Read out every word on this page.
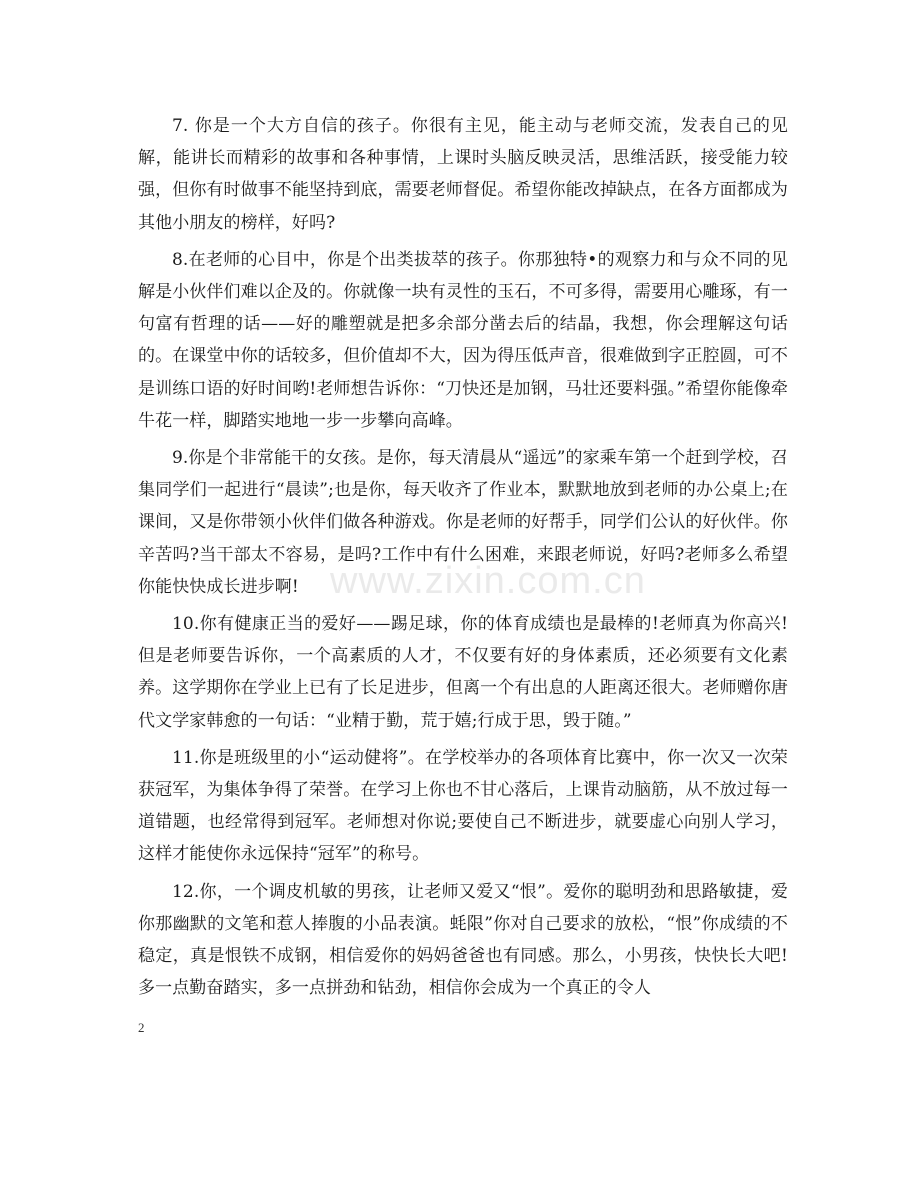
7. 你是一个大方自信的孩子。你很有主见，能主动与老师交流，发表自己的见解，能讲长而精彩的故事和各种事情，上课时头脑反映灵活，思维活跃，接受能力较强，但你有时做事不能坚持到底，需要老师督促。希望你能改掉缺点，在各方面都成为其他小朋友的榜样，好吗?

8.在老师的心目中，你是个出类拔萃的孩子。你那独特•的观察力和与众不同的见解是小伙伴们难以企及的。你就像一块有灵性的玉石，不可多得，需要用心雕琢，有一句富有哲理的话——好的雕塑就是把多余部分凿去后的结晶，我想，你会理解这句话的。在课堂中你的话较多，但价值却不大，因为得压低声音，很难做到字正腔圆，可不是训练口语的好时间哟!老师想告诉你：“刀快还是加钢，马壮还要料强。”希望你能像牵牛花一样，脚踏实地地一步一步攀向高峰。

9.你是个非常能干的女孩。是你，每天清晨从“遥远”的家乘车第一个赶到学校，召集同学们一起进行“晨读”;也是你，每天收齐了作业本，默默地放到老师的办公桌上;在课间，又是你带领小伙伴们做各种游戏。你是老师的好帮手，同学们公认的好伙伴。你辛苦吗?当干部太不容易，是吗?工作中有什么困难，来跟老师说，好吗?老师多么希望你能快快成长进步啊!

10.你有健康正当的爱好——踢足球，你的体育成绩也是最棒的!老师真为你高兴!但是老师要告诉你，一个高素质的人才，不仅要有好的身体素质，还必须要有文化素养。这学期你在学业上已有了长足进步，但离一个有出息的人距离还很大。老师赠你唐代文学家韩愈的一句话：“业精于勤，荒于嬉;行成于思，毁于随。”

11.你是班级里的小“运动健将”。在学校举办的各项体育比赛中，你一次又一次荣获冠军，为集体争得了荣誉。在学习上你也不甘心落后，上课肯动脑筋，从不放过每一道错题，也经常得到冠军。老师想对你说;要使自己不断进步，就要虚心向别人学习，这样才能使你永远保持“冠军”的称号。

12.你，一个调皮机敏的男孩，让老师又爱又“恨”。爱你的聪明劲和思路敏捷，爱你那幽默的文笔和惹人捧腹的小品表演。蚝限”你对自己要求的放松，“恨”你成绩的不稳定，真是恨铁不成钢，相信爱你的妈妈爸爸也有同感。那么，小男孩，快快长大吧!多一点勤奋踏实，多一点拼劲和钻劲，相信你会成为一个真正的令人

www.zixin.com.cn
2
